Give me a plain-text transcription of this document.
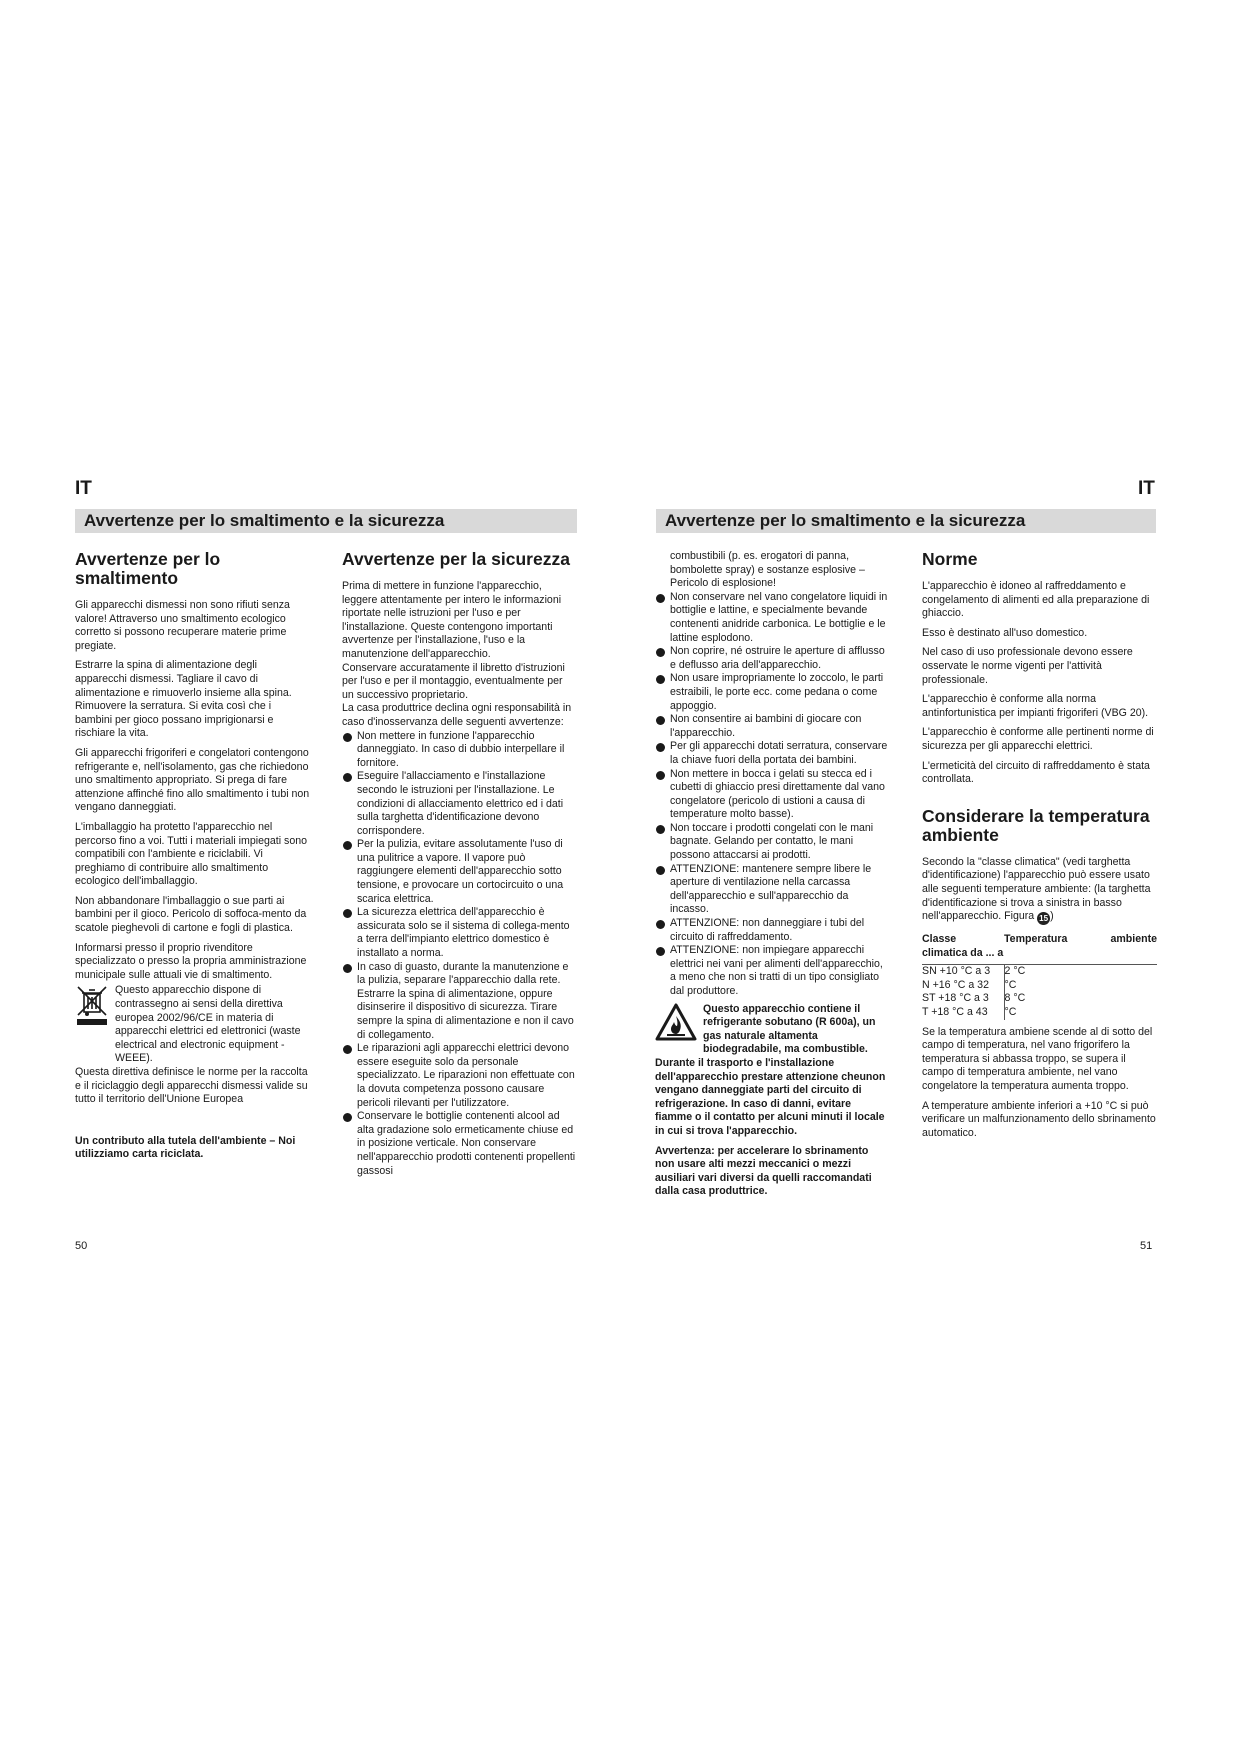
IT
Avvertenze per lo smaltimento e la sicurezza
Avvertenze per lo smaltimento

Gli apparecchi dismessi non sono rifiuti senza valore! Attraverso uno smaltimento ecologico corretto si possono recuperare materie prime pregiate.

Estrarre la spina di alimentazione degli apparecchi dismessi. Tagliare il cavo di alimentazione e rimuoverlo insieme alla spina.

Rimuovere la serratura. Si evita così che i bambini per gioco possano imprigionarsi e rischiare la vita.

Gli apparecchi frigoriferi e congelatori contengono refrigerante e, nell'isolamento, gas che richiedono uno smaltimento appropriato. Si prega di fare attenzione affinché fino allo smaltimento i tubi non vengano danneggiati.

L'imballaggio ha protetto l'apparecchio nel percorso fino a voi. Tutti i materiali impiegati sono compatibili con l'ambiente e riciclabili. Vi preghiamo di contribuire allo smaltimento ecologico dell'imballaggio.

Non abbandonare l'imballaggio o sue parti ai bambini per il gioco. Pericolo di soffoca-mento da scatole pieghevoli di cartone e fogli di plastica.

Informarsi presso il proprio rivenditore specializzato o presso la propria amministrazione municipale sulle attuali vie di smaltimento.

Questo apparecchio dispone di contrassegno ai sensi della direttiva europea 2002/96/CE in materia di apparecchi elettrici ed elettronici (waste electrical and electronic equipment - WEEE).

Questa direttiva definisce le norme per la raccolta e il riciclaggio degli apparecchi dismessi valide su tutto il territorio dell'Unione Europea

Un contributo alla tutela dell'ambiente – Noi utilizziamo carta riciclata.

Avvertenze per la sicurezza

Prima di mettere in funzione l'apparecchio, leggere attentamente per intero le informazioni riportate nelle istruzioni per l'uso e per l'installazione. Queste contengono importanti avvertenze per l'installazione, l'uso e la manutenzione dell'apparecchio.

Conservare accuratamente il libretto d'istruzioni per l'uso e per il montaggio, eventualmente per un successivo proprietario.

La casa produttrice declina ogni responsabilità in caso d'inosservanza delle seguenti avvertenze:

Non mettere in funzione l'apparecchio danneggiato. In caso di dubbio interpellare il fornitore.
Eseguire l'allacciamento e l'installazione secondo le istruzioni per l'installazione. Le condizioni di allacciamento elettrico ed i dati sulla targhetta d'identificazione devono corrispondere.
Per la pulizia, evitare assolutamente l'uso di una pulitrice a vapore. Il vapore può raggiungere elementi dell'apparecchio sotto tensione, e provocare un cortocircuito o una scarica elettrica.
La sicurezza elettrica dell'apparecchio è assicurata solo se il sistema di collega-mento a terra dell'impianto elettrico domestico è installato a norma.
In caso di guasto, durante la manutenzione e la pulizia, separare l'apparecchio dalla rete. Estrarre la spina di alimentazione, oppure disinserire il dispositivo di sicurezza. Tirare sempre la spina di alimentazione e non il cavo di collegamento.
Le riparazioni agli apparecchi elettrici devono essere eseguite solo da personale specializzato. Le riparazioni non effettuate con la dovuta competenza possono causare pericoli rilevanti per l'utilizzatore.
Conservare le bottiglie contenenti alcool ad alta gradazione solo ermeticamente chiuse ed in posizione verticale. Non conservare nell'apparecchio prodotti contenenti propellenti gassosi
50
IT
Avvertenze per lo smaltimento e la sicurezza

combustibili (p. es. erogatori di panna, bombolette spray) e sostanze esplosive – Pericolo di esplosione!

Non conservare nel vano congelatore liquidi in bottiglie e lattine, e specialmente bevande contenenti anidride carbonica. Le bottiglie e le lattine esplodono.
Non coprire, né ostruire le aperture di afflusso e deflusso aria dell'apparecchio.
Non usare impropriamente lo zoccolo, le parti estraibili, le porte ecc. come pedana o come appoggio.
Non consentire ai bambini di giocare con l'apparecchio.
Per gli apparecchi dotati serratura, conservare la chiave fuori della portata dei bambini.
Non mettere in bocca i gelati su stecca ed i cubetti di ghiaccio presi direttamente dal vano congelatore (pericolo di ustioni a causa di temperature molto basse).
Non toccare i prodotti congelati con le mani bagnate. Gelando per contatto, le mani possono attaccarsi ai prodotti.
ATTENZIONE: mantenere sempre libere le aperture di ventilazione nella carcassa dell'apparecchio e sull'apparecchio da incasso.
ATTENZIONE: non danneggiare i tubi del circuito di raffreddamento.
ATTENZIONE: non impiegare apparecchi elettrici nei vani per alimenti dell'apparecchio, a meno che non si tratti di un tipo consigliato dal produttore.
Questo apparecchio contiene il refrigerante sobutano (R 600a), un gas naturale altamenta biodegradabile, ma combustible. Durante il trasporto e l'installazione dell'apparecchio prestare attenzione cheunon vengano danneggiate parti del circuito di refrigerazione. In caso di danni, evitare fiamme o il contatto per alcuni minuti il locale in cui si trova l'apparecchio.

Avvertenza: per accelerare lo sbrinamento non usare alti mezzi meccanici o mezzi ausiliari vari diversi da quelli raccomandati dalla casa produttrice.

Norme

L'apparecchio è idoneo al raffreddamento e congelamento di alimenti ed alla preparazione di ghiaccio.

Esso è destinato all'uso domestico.

Nel caso di uso professionale devono essere osservate le norme vigenti per l'attività professionale.

L'apparecchio è conforme alla norma antinfortunistica per impianti frigoriferi (VBG 20).

L'apparecchio è conforme alle pertinenti norme di sicurezza per gli apparecchi elettrici.

L'ermeticità del circuito di raffreddamento è stata controllata.

Considerare la temperatura ambiente

Secondo la "classe climatica" (vedi targhetta d'identificazione) l'apparecchio può essere usato alle seguenti temperature ambiente: (la targhetta d'identificazione si trova a sinistra in basso nell'apparecchio. Figura 15 )

Classe climatica da ... a	Temperatura	ambiente
SN +10 °C a 3	2 °C	
N +16 °C a 32	°C	
ST +18 °C a 3	8 °C	
T +18 °C a 43	°C	

Se la temperatura ambiene scende al di sotto del campo di temperatura, nel vano frigorifero la temperatura si abbassa troppo, se supera il campo di temperatura ambiente, nel vano congelatore la temperatura aumenta troppo.

A temperature ambiente inferiori a +10 °C si può verificare un malfunzionamento dello sbrinamento automatico.

51
